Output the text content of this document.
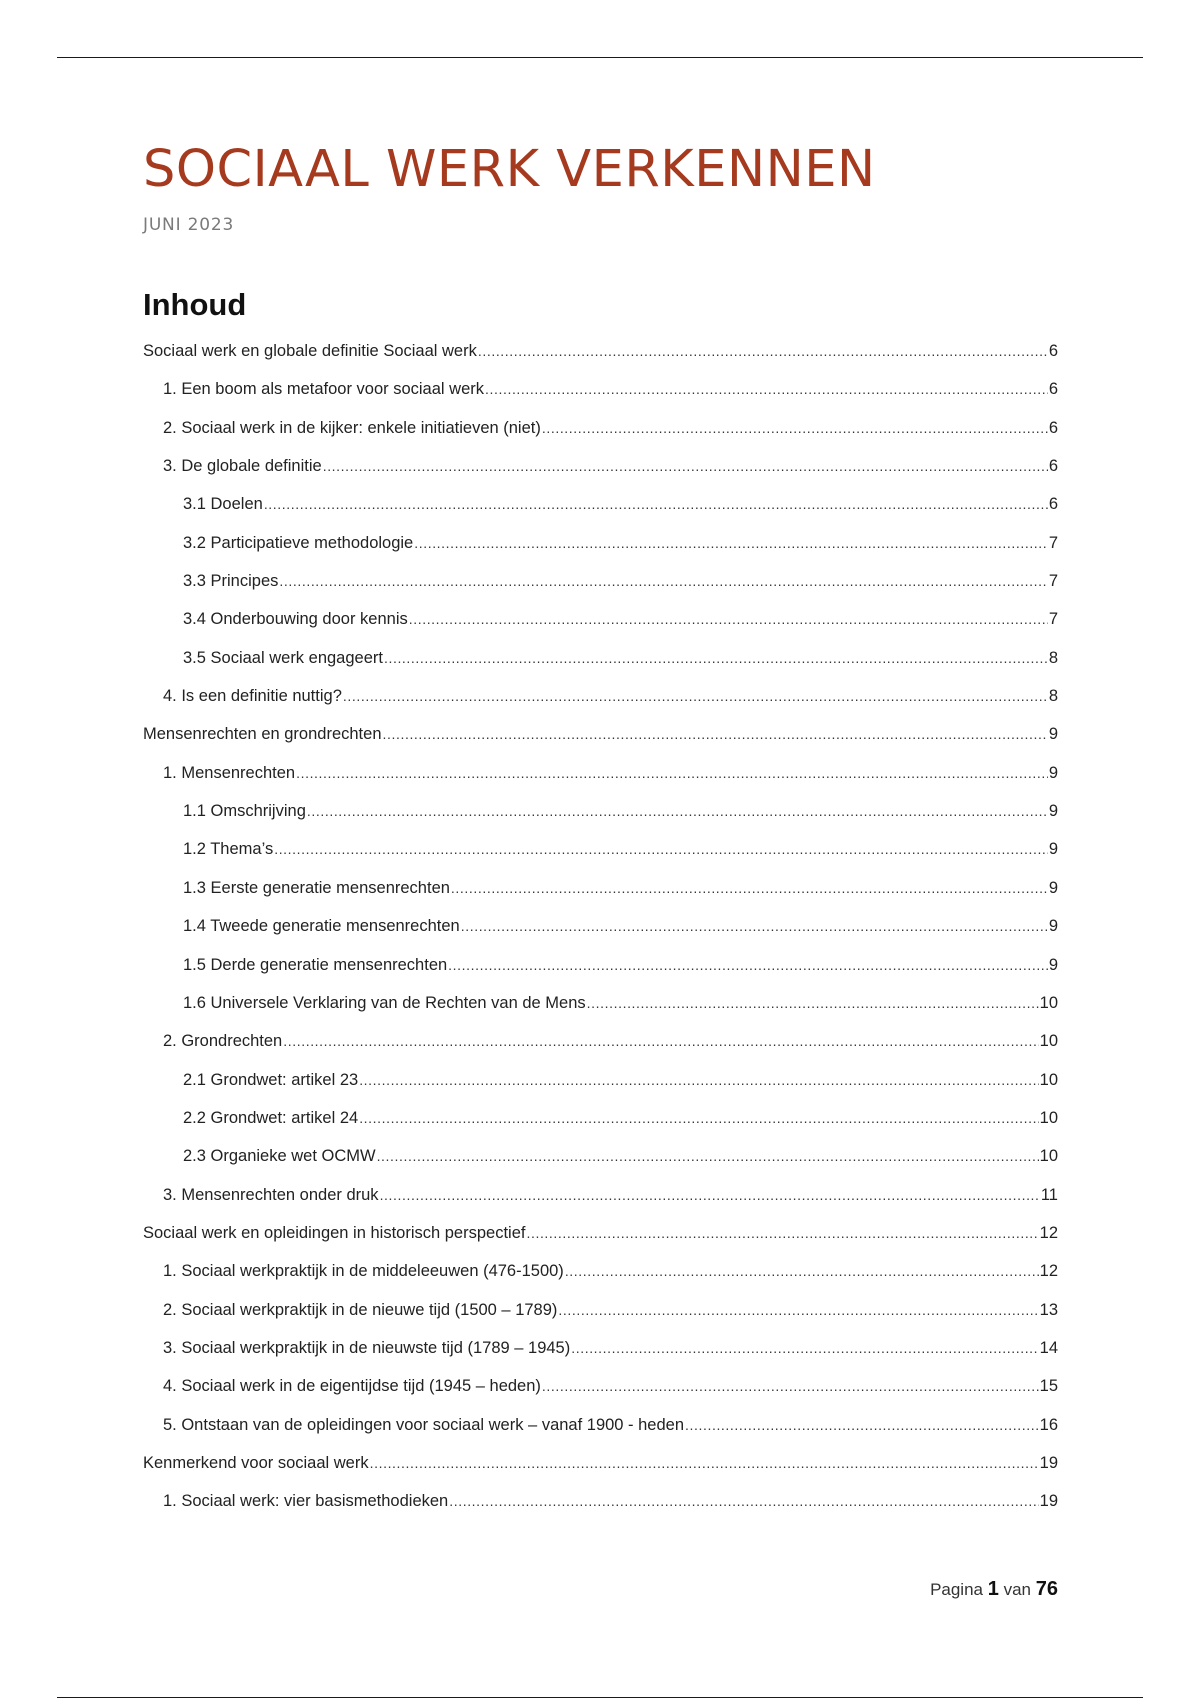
SOCIAAL WERK VERKENNEN
JUNI 2023
Inhoud
Sociaal werk en globale definitie Sociaal werk .....	6
1. Een boom als metafoor voor sociaal werk .....	6
2. Sociaal werk in de kijker: enkele initiatieven (niet) .....	6
3. De globale definitie .....	6
3.1 Doelen .....	6
3.2 Participatieve methodologie .....	7
3.3 Principes .....	7
3.4 Onderbouwing door kennis .....	7
3.5 Sociaal werk engageert .....	8
4. Is een definitie nuttig? .....	8
Mensenrechten en grondrechten .....	9
1. Mensenrechten .....	9
1.1 Omschrijving .....	9
1.2 Thema’s .....	9
1.3 Eerste generatie mensenrechten .....	9
1.4 Tweede generatie mensenrechten .....	9
1.5 Derde generatie mensenrechten .....	9
1.6 Universele Verklaring van de Rechten van de Mens .....	10
2. Grondrechten .....	10
2.1 Grondwet: artikel 23 .....	10
2.2 Grondwet: artikel 24 .....	10
2.3 Organieke wet OCMW .....	10
3. Mensenrechten onder druk .....	11
Sociaal werk en opleidingen in historisch perspectief .....	12
1. Sociaal werkpraktijk in de middeleeuwen (476-1500) .....	12
2. Sociaal werkpraktijk in de nieuwe tijd (1500 – 1789) .....	13
3. Sociaal werkpraktijk in de nieuwste tijd (1789 – 1945) .....	14
4. Sociaal werk in de eigentijdse tijd (1945 – heden) .....	15
5. Ontstaan van de opleidingen voor sociaal werk – vanaf 1900 - heden .....	16
Kenmerkend voor sociaal werk .....	19
1. Sociaal werk: vier basismethodieken .....	19
Pagina 1 van 76
